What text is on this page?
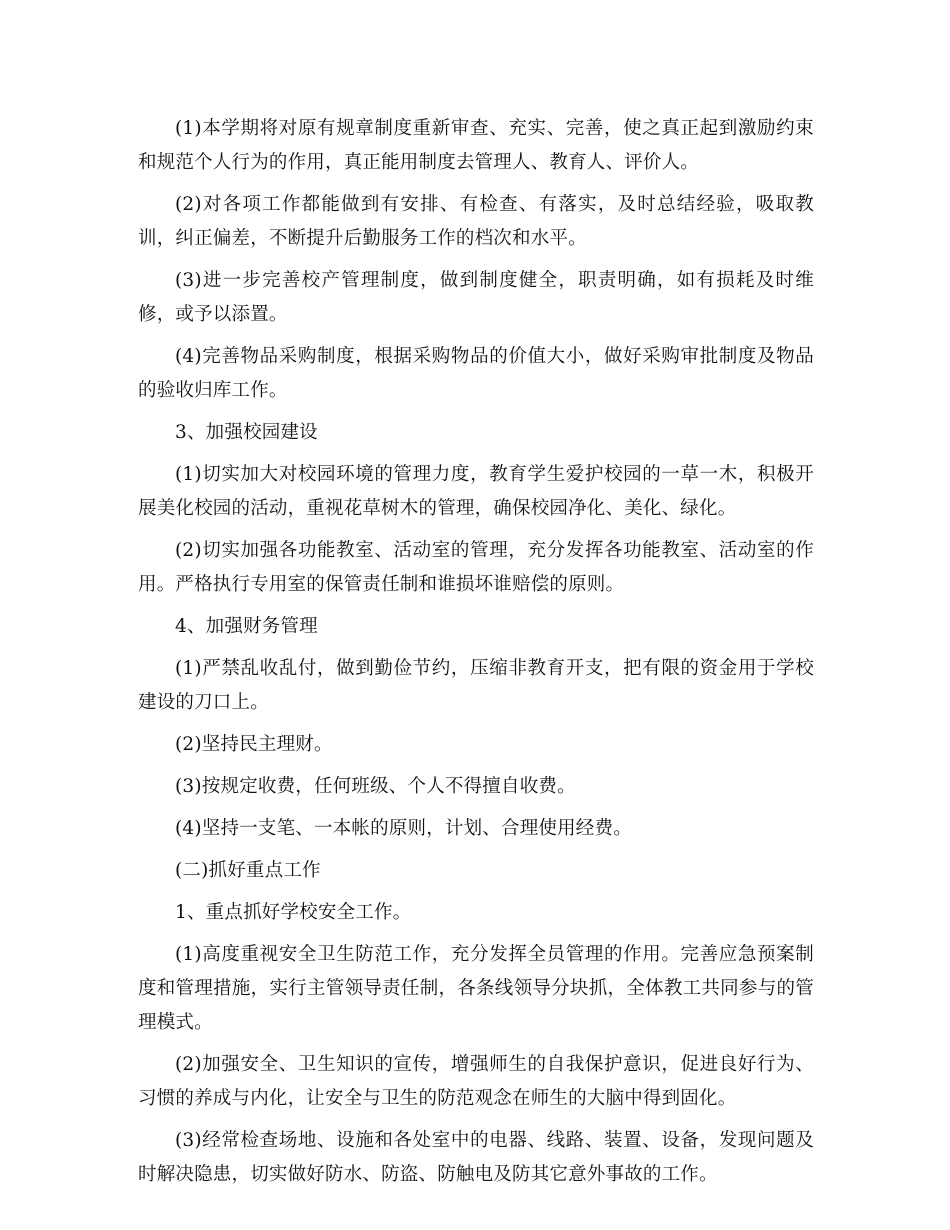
(1)本学期将对原有规章制度重新审查、充实、完善，使之真正起到激励约束和规范个人行为的作用，真正能用制度去管理人、教育人、评价人。

(2)对各项工作都能做到有安排、有检查、有落实，及时总结经验，吸取教训，纠正偏差，不断提升后勤服务工作的档次和水平。

(3)进一步完善校产管理制度，做到制度健全，职责明确，如有损耗及时维修，或予以添置。

(4)完善物品采购制度，根据采购物品的价值大小，做好采购审批制度及物品的验收归库工作。

3、加强校园建设

(1)切实加大对校园环境的管理力度，教育学生爱护校园的一草一木，积极开展美化校园的活动，重视花草树木的管理，确保校园净化、美化、绿化。

(2)切实加强各功能教室、活动室的管理，充分发挥各功能教室、活动室的作用。严格执行专用室的保管责任制和谁损坏谁赔偿的原则。

4、加强财务管理

(1)严禁乱收乱付，做到勤俭节约，压缩非教育开支，把有限的资金用于学校建设的刀口上。

(2)坚持民主理财。

(3)按规定收费，任何班级、个人不得擅自收费。

(4)坚持一支笔、一本帐的原则，计划、合理使用经费。

(二)抓好重点工作

1、重点抓好学校安全工作。

(1)高度重视安全卫生防范工作，充分发挥全员管理的作用。完善应急预案制度和管理措施，实行主管领导责任制，各条线领导分块抓，全体教工共同参与的管理模式。

(2)加强安全、卫生知识的宣传，增强师生的自我保护意识，促进良好行为、习惯的养成与内化，让安全与卫生的防范观念在师生的大脑中得到固化。

(3)经常检查场地、设施和各处室中的电器、线路、装置、设备，发现问题及时解决隐患，切实做好防水、防盗、防触电及防其它意外事故的工作。
